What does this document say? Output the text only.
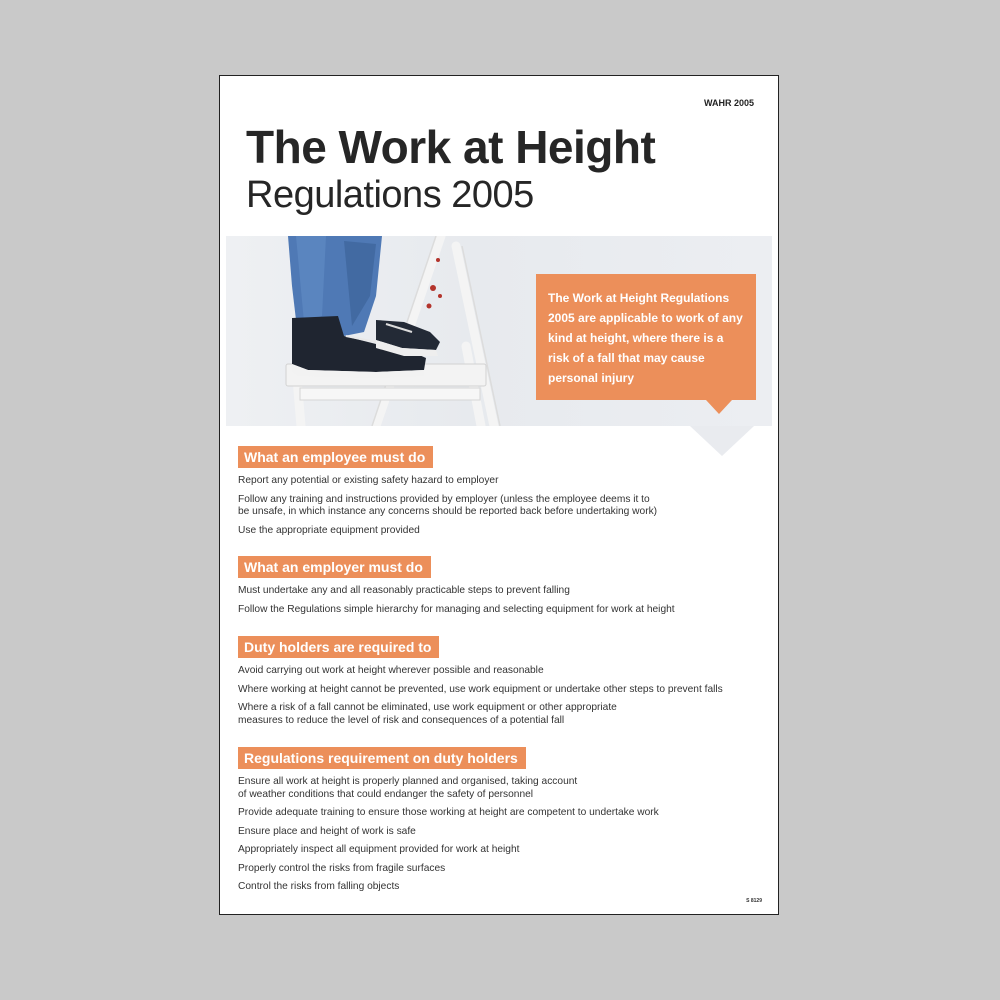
WAHR 2005
The Work at Height
Regulations 2005
The Work at Height Regulations 2005 are applicable to work of any kind at height, where there is a risk of a fall that may cause personal injury
What an employee must do
Report any potential or existing safety hazard to employer
Follow any training and instructions provided by employer (unless the employee deems it to
be unsafe, in which instance any concerns should be reported back before undertaking work)
Use the appropriate equipment provided
What an employer must do
Must undertake any and all reasonably practicable steps to prevent falling
Follow the Regulations simple hierarchy for managing and selecting equipment for work at height
Duty holders are required to
Avoid carrying out work at height wherever possible and reasonable
Where working at height cannot be prevented, use work equipment or undertake other steps to prevent falls
Where a risk of a fall cannot be eliminated, use work equipment or other appropriate
measures to reduce the level of risk and consequences of a potential fall
Regulations requirement on duty holders
Ensure all work at height is properly planned and organised, taking account
of weather conditions that could endanger the safety of personnel
Provide adequate training to ensure those working at height are competent to undertake work
Ensure place and height of work is safe
Appropriately inspect all equipment provided for work at height
Properly control the risks from fragile surfaces
Control the risks from falling objects
S 8129
